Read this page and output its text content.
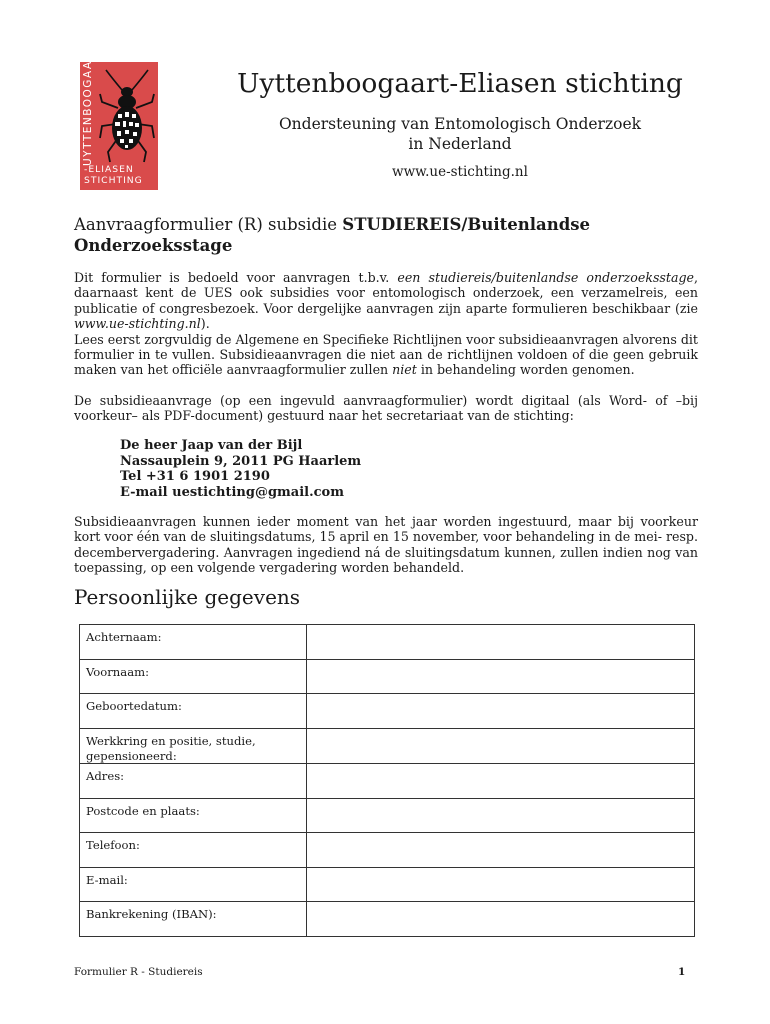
UYTTENBOOGAART
-ELIASEN
STICHTING
Uyttenboogaart-Eliasen stichting
Ondersteuning van Entomologisch Onderzoek
in Nederland
www.ue-stichting.nl
Aanvraagformulier (R) subsidie STUDIEREIS/Buitenlandse Onderzoeksstage
Dit formulier is bedoeld voor aanvragen t.b.v. een studiereis/buitenlandse onderzoeksstage, daarnaast kent de UES ook subsidies voor entomologisch onderzoek, een verzamelreis, een publicatie of congresbezoek. Voor dergelijke aanvragen zijn aparte formulieren beschikbaar (zie www.ue-stichting.nl).
Lees eerst zorgvuldig de Algemene en Specifieke Richtlijnen voor subsidieaanvragen alvorens dit formulier in te vullen. Subsidieaanvragen die niet aan de richtlijnen voldoen of die geen gebruik maken van het officiële aanvraagformulier zullen niet in behandeling worden genomen.
De subsidieaanvrage (op een ingevuld aanvraagformulier) wordt digitaal (als Word- of –bij voorkeur– als PDF-document) gestuurd naar het secretariaat van de stichting:
De heer Jaap van der Bijl
Nassauplein 9, 2011 PG Haarlem
Tel +31 6 1901 2190
E-mail uestichting@gmail.com
Subsidieaanvragen kunnen ieder moment van het jaar worden ingestuurd, maar bij voorkeur kort voor één van de sluitingsdatums, 15 april en 15 november, voor behandeling in de mei- resp. decembervergadering. Aanvragen ingediend ná de sluitingsdatum kunnen, zullen indien nog van toepassing, op een volgende vergadering worden behandeld.
Persoonlijke gegevens
Achternaam:	
Voornaam:	
Geboortedatum:	
Werkkring en positie, studie, gepensioneerd:	
Adres:	
Postcode en plaats:	
Telefoon:	
E-mail:	
Bankrekening (IBAN):	
Formulier R - Studiereis	1
